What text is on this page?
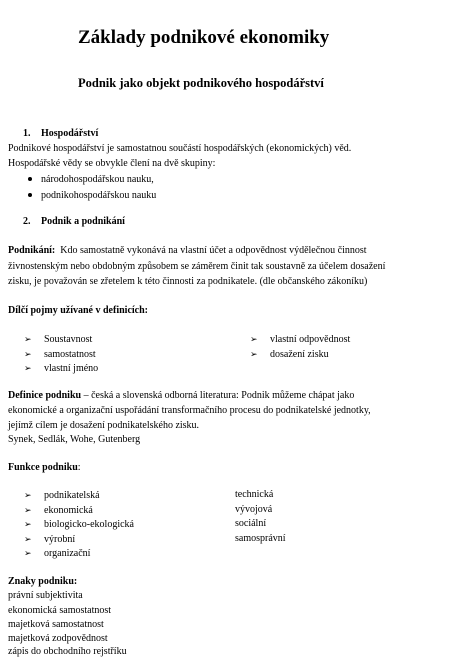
Základy podnikové ekonomiky
Podnik jako objekt podnikového hospodářství
1. Hospodářství
Podnikové hospodářství je samostatnou součástí hospodářských (ekonomických) věd.
Hospodářské vědy se obvykle člení na dvě skupiny:
národohospodářskou nauku,
podnikohospodářskou nauku
2. Podnik a podnikání
Podnikání: Kdo samostatně vykonává na vlastní účet a odpovědnost výdělečnou činnost
živnostenským nebo obdobným způsobem se záměrem činit tak soustavně za účelem dosažení
zisku, je považován se zřetelem k této činnosti za podnikatele. (dle občanského zákoníku)
Dílčí pojmy užívané v definicích:
➢ Soustavnost
➢ samostatnost
➢ vlastní jméno
➢ vlastní odpovědnost
➢ dosažení zisku
Definice podniku – česká a slovenská odborná literatura: Podnik můžeme chápat jako
ekonomické a organizační uspořádání transformačního procesu do podnikatelské jednotky,
jejímž cílem je dosažení podnikatelského zisku.
Synek, Sedlák, Wohe, Gutenberg
Funkce podniku:
➢ podnikatelská
➢ ekonomická
➢ biologicko-ekologická
➢ výrobní
➢ organizační
technická
vývojová
sociální
samosprávní
Znaky podniku:
právní subjektivita
ekonomická samostatnost
majetková samostatnost
majetková zodpovědnost
zápis do obchodního rejstříku
